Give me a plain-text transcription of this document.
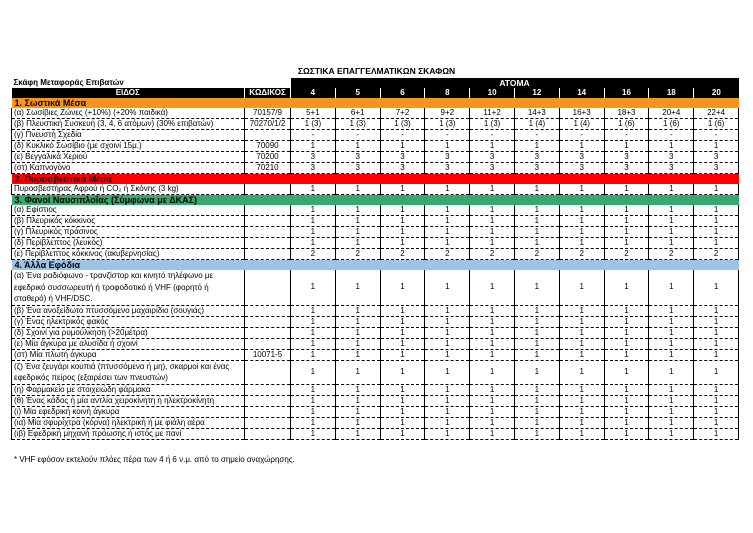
ΣΩΣΤΙΚΑ ΕΠΑΓΓΕΛΜΑΤΙΚΩΝ ΣΚΑΦΩΝ
Σκάφη Μεταφοράς Επιβατών		ΑΤΟΜΑ									
ΕΙΔΟΣ	ΚΩΔΙΚΟΣ	4	5	6	8	10	12	14	16	18	20
1. Σωστικά Μέσα											
(α) Σωσίβιες Ζώνες (+10%) (+20% παιδικά)	70157/9	5+1	6+1	7+2	9+2	11+2	14+3	16+3	18+3	20+4	22+4
(β) Πλευστική Συσκευή (3, 4, 6 ατόμων) (30% επιβατών)	70270/1/2	1 (3)	1 (3)	1 (3)	1 (3)	1 (3)	1 (4)	1 (4)	1 (6)	1 (6)	1 (6)
(γ) Πνευστή Σχεδία		-	-	-	-	-	-	-	-	-	-
(δ) Κυκλικό Σωσίβιο (με σχοινί 15μ.)	70090	1	1	1	1	1	1	1	1	1	1
(ε) Βεγγαλικά Χεριού	70200	3	3	3	3	3	3	3	3	3	3
(στ) Καπνογόνο	70210	3	3	3	3	3	3	3	3	3	3
2. Πυροσβεστικά Μέσα											
Πυροσβεστήρας Αφρού ή CO₂ ή Σκόνης (3 kg)		1	1	1	1	1	1	1	1	1	1
3. Φανοί Ναυσιπλοΐας (Σύμφωνα με ΔΚΑΣ)											
(α) Εφίστιος		1	1	1	1	1	1	1	1	1	1
(β) Πλευρικός κόκκινος		1	1	1	1	1	1	1	1	1	1
(γ) Πλευρικός πράσινος		1	1	1	1	1	1	1	1	1	1
(δ) Περίβλεπτος (λευκός)		1	1	1	1	1	1	1	1	1	1
(ε) Περίβλεπτος κόκκινος (ακυβερνησίας)		2	2	2	2	2	2	2	2	2	2
4. Άλλα Εφόδια											
(α) Ένα ραδιόφωνο - τρανζίστορ και κινητό τηλέφωνο με εφεδρικό συσσωρευτή ή τροφοδοτικό ή VHF (φορητό ή σταθερό) ή VHF/DSC.		1	1	1	1	1	1	1	1	1	1
(β) Ένα ανοξείδωτο πτυσσόμενο μαχαιρίδιο (σουγιάς)		1	1	1	1	1	1	1	1	1	1
(γ) Ένας ηλεκτρικός φακός		1	1	1	1	1	1	1	1	1	1
(δ) Σχοινί για ρυμούλκηση (>20μέτρα)		1	1	1	1	1	1	1	1	1	1
(ε) Μία άγκυρα με αλυσίδα ή σχοινί		1	1	1	1	1	1	1	1	1	1
(στ) Μία πλωτή άγκυρα	10071-5	1	1	1	1	1	1	1	1	1	1
(ζ) Ένα ζευγάρι κουπιά (πτυσσόμενα ή μη), σκαρμοί και ένας εφεδρικός πείρος (εξαιρέσει των πνευστών)		1	1	1	1	1	1	1	1	1	1
(η) Φαρμακείο με στοιχειώδη φάρμακα		1	1	1	1	1	1	1	1	1	1
(θ) Ένας κάδος ή μία αντλία χειροκίνητη ή ηλεκτροκίνητη		1	1	1	1	1	1	1	1	1	1
(ι) Μία εφεδρική κοινή άγκυρα		1	1	1	1	1	1	1	1	1	1
(ια) Μία σφυρίχτρα (κόρνα) ηλεκτρική ή με φιάλη αέρα		1	1	1	1	1	1	1	1	1	1
(ιβ) Εφεδρική μηχανή πρόωσης ή ιστός με πανί		1	1	1	1	1	1	1	1	1	1
* VHF εφόσον εκτελούν πλόες πέρα των 4 ή 6 ν.μ. από το σημείο αναχώρησης.
